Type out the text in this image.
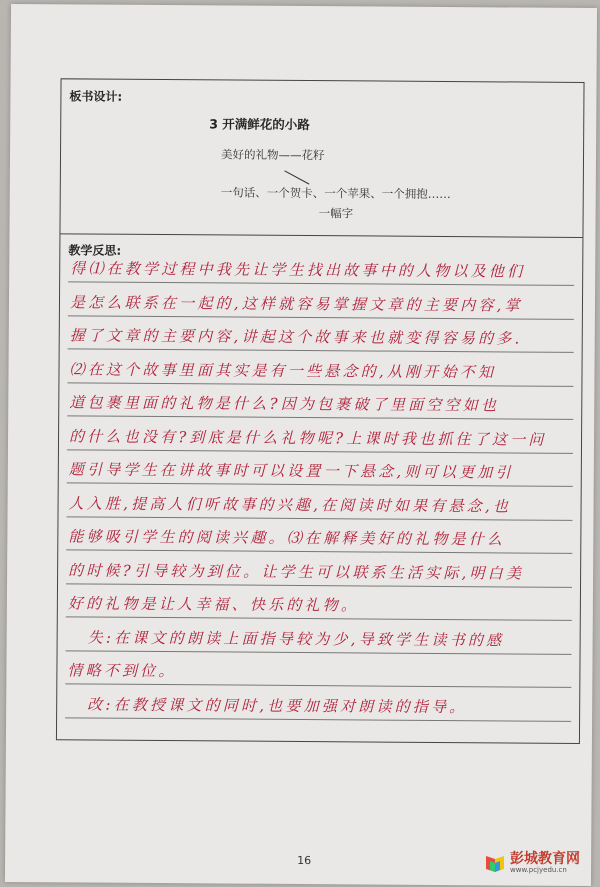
板书设计:
3 开满鲜花的小路
美好的礼物——花籽
一句话、一个贺卡、一个苹果、一个拥抱……
一幅字
教学反思:
得⑴在教学过程中我先让学生找出故事中的人物以及他们
是怎么联系在一起的,这样就容易掌握文章的主要内容,掌
握了文章的主要内容,讲起这个故事来也就变得容易的多.
⑵在这个故事里面其实是有一些悬念的,从刚开始不知
道包裹里面的礼物是什么?因为包裹破了里面空空如也
的什么也没有?到底是什么礼物呢?上课时我也抓住了这一问
题引导学生在讲故事时可以设置一下悬念,则可以更加引
人入胜,提高人们听故事的兴趣,在阅读时如果有悬念,也
能够吸引学生的阅读兴趣。⑶在解释美好的礼物是什么
的时候?引导较为到位。让学生可以联系生活实际,明白美
好的礼物是让人幸福、快乐的礼物。
失:在课文的朗读上面指导较为少,导致学生读书的感
情略不到位。
改:在教授课文的同时,也要加强对朗读的指导。
16	彭城教育网
www.pcjyedu.cn
